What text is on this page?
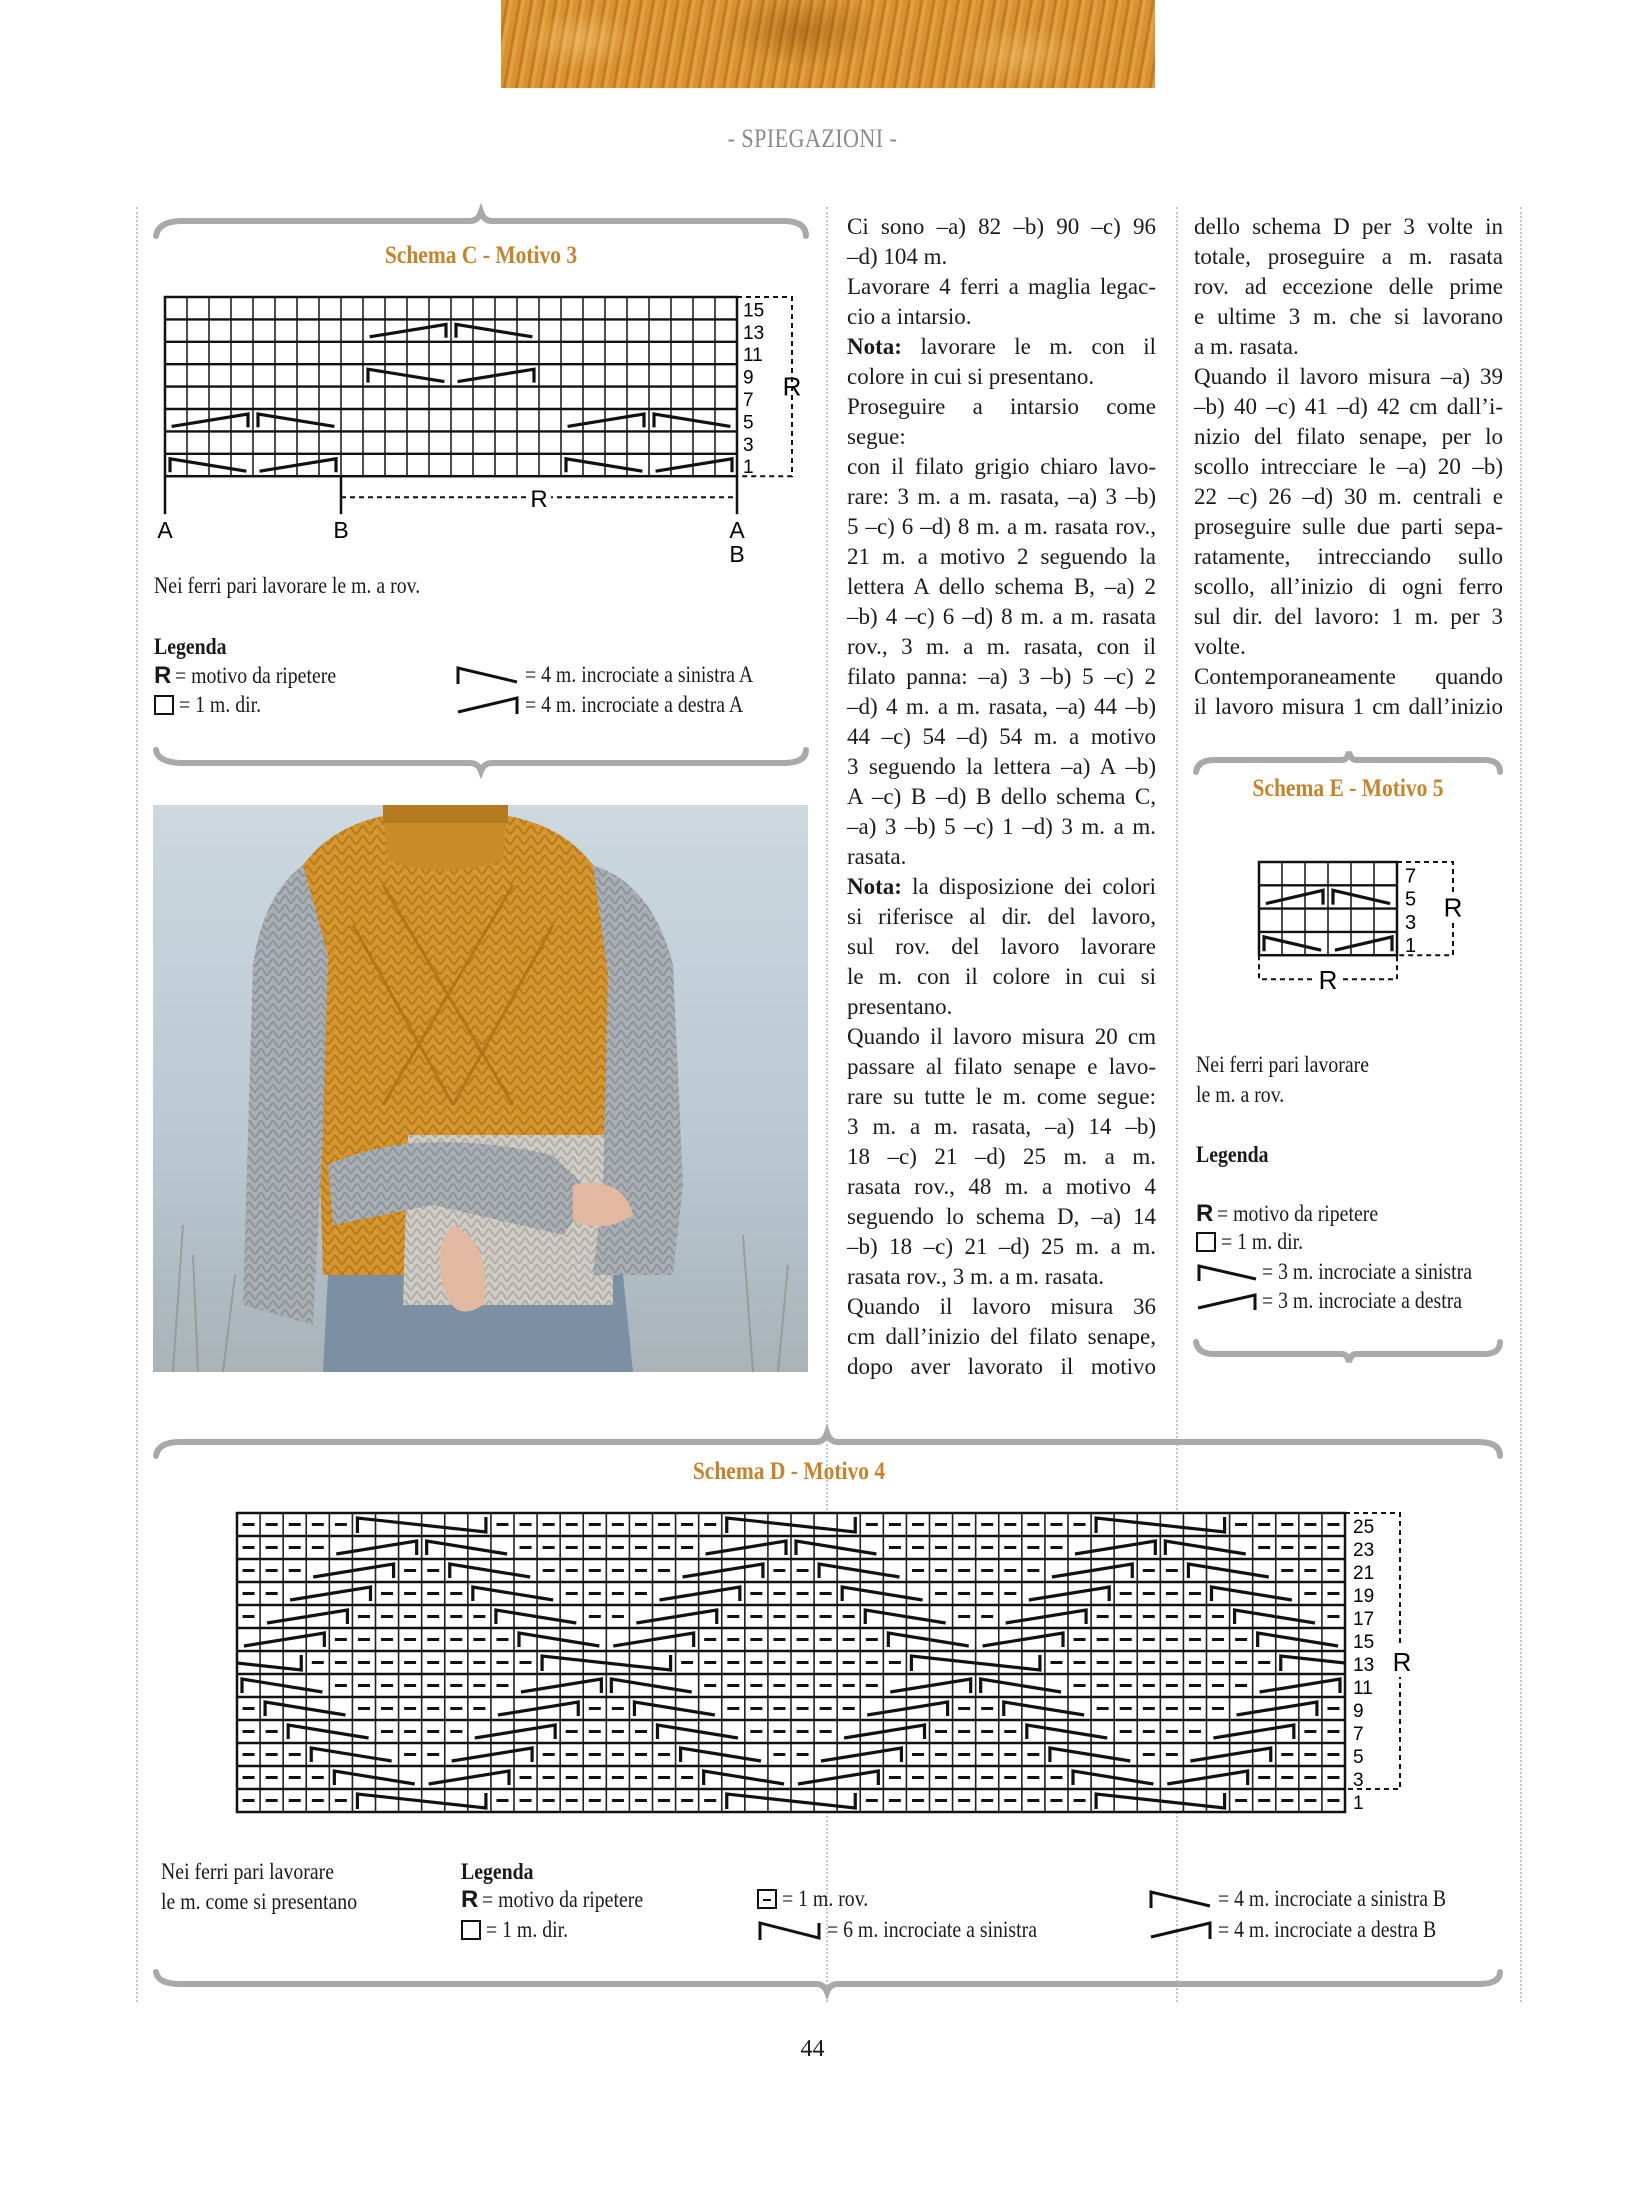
- SPIEGAZIONI -
Schema C - Motivo 3
15
13
11
9
7
5
3
1
R
R
A	B	A
B
Nei ferri pari lavorare le m. a rov.
Legenda
R = motivo da ripetere
= 1 m. dir.
= 4 m. incrociate a sinistra A
= 4 m. incrociate a destra A
Ci sono –a) 82 –b) 90 –c) 96
–d) 104 m.
Lavorare 4 ferri a maglia legac-
cio a intarsio.
Nota: lavorare le m. con il
colore in cui si presentano.
Proseguire a intarsio come
segue:
con il filato grigio chiaro lavo-
rare: 3 m. a m. rasata, –a) 3 –b)
5 –c) 6 –d) 8 m. a m. rasata rov.,
21 m. a motivo 2 seguendo la
lettera A dello schema B, –a) 2
–b) 4 –c) 6 –d) 8 m. a m. rasata
rov., 3 m. a m. rasata, con il
filato panna: –a) 3 –b) 5 –c) 2
–d) 4 m. a m. rasata, –a) 44 –b)
44 –c) 54 –d) 54 m. a motivo
3 seguendo la lettera –a) A –b)
A –c) B –d) B dello schema C,
–a) 3 –b) 5 –c) 1 –d) 3 m. a m.
rasata.
Nota: la disposizione dei colori
si riferisce al dir. del lavoro,
sul rov. del lavoro lavorare
le m. con il colore in cui si
presentano.
Quando il lavoro misura 20 cm
passare al filato senape e lavo-
rare su tutte le m. come segue:
3 m. a m. rasata, –a) 14 –b)
18 –c) 21 –d) 25 m. a m.
rasata rov., 48 m. a motivo 4
seguendo lo schema D, –a) 14
–b) 18 –c) 21 –d) 25 m. a m.
rasata rov., 3 m. a m. rasata.
Quando il lavoro misura 36
cm dall’inizio del filato senape,
dopo aver lavorato il motivo
dello schema D per 3 volte in
totale, proseguire a m. rasata
rov. ad eccezione delle prime
e ultime 3 m. che si lavorano
a m. rasata.
Quando il lavoro misura –a) 39
–b) 40 –c) 41 –d) 42 cm dall’i-
nizio del filato senape, per lo
scollo intrecciare le –a) 20 –b)
22 –c) 26 –d) 30 m. centrali e
proseguire sulle due parti sepa-
ratamente, intrecciando sullo
scollo, all’inizio di ogni ferro
sul dir. del lavoro: 1 m. per 3
volte.
Contemporaneamente quando
il lavoro misura 1 cm dall’inizio
Schema E - Motivo 5
7
5
3
1
R
R
Nei ferri pari lavorare
le m. a rov.
Legenda
R = motivo da ripetere
= 1 m. dir.
= 3 m. incrociate a sinistra
= 3 m. incrociate a destra
Schema D - Motivo 4
25
23
21
19
17
15
13
11
9
7
5
3
1
R
Nei ferri pari lavorare
le m. come si presentano
Legenda
R = motivo da ripetere
= 1 m. dir.
= 1 m. rov.
= 6 m. incrociate a sinistra
= 4 m. incrociate a sinistra B
= 4 m. incrociate a destra B
44
